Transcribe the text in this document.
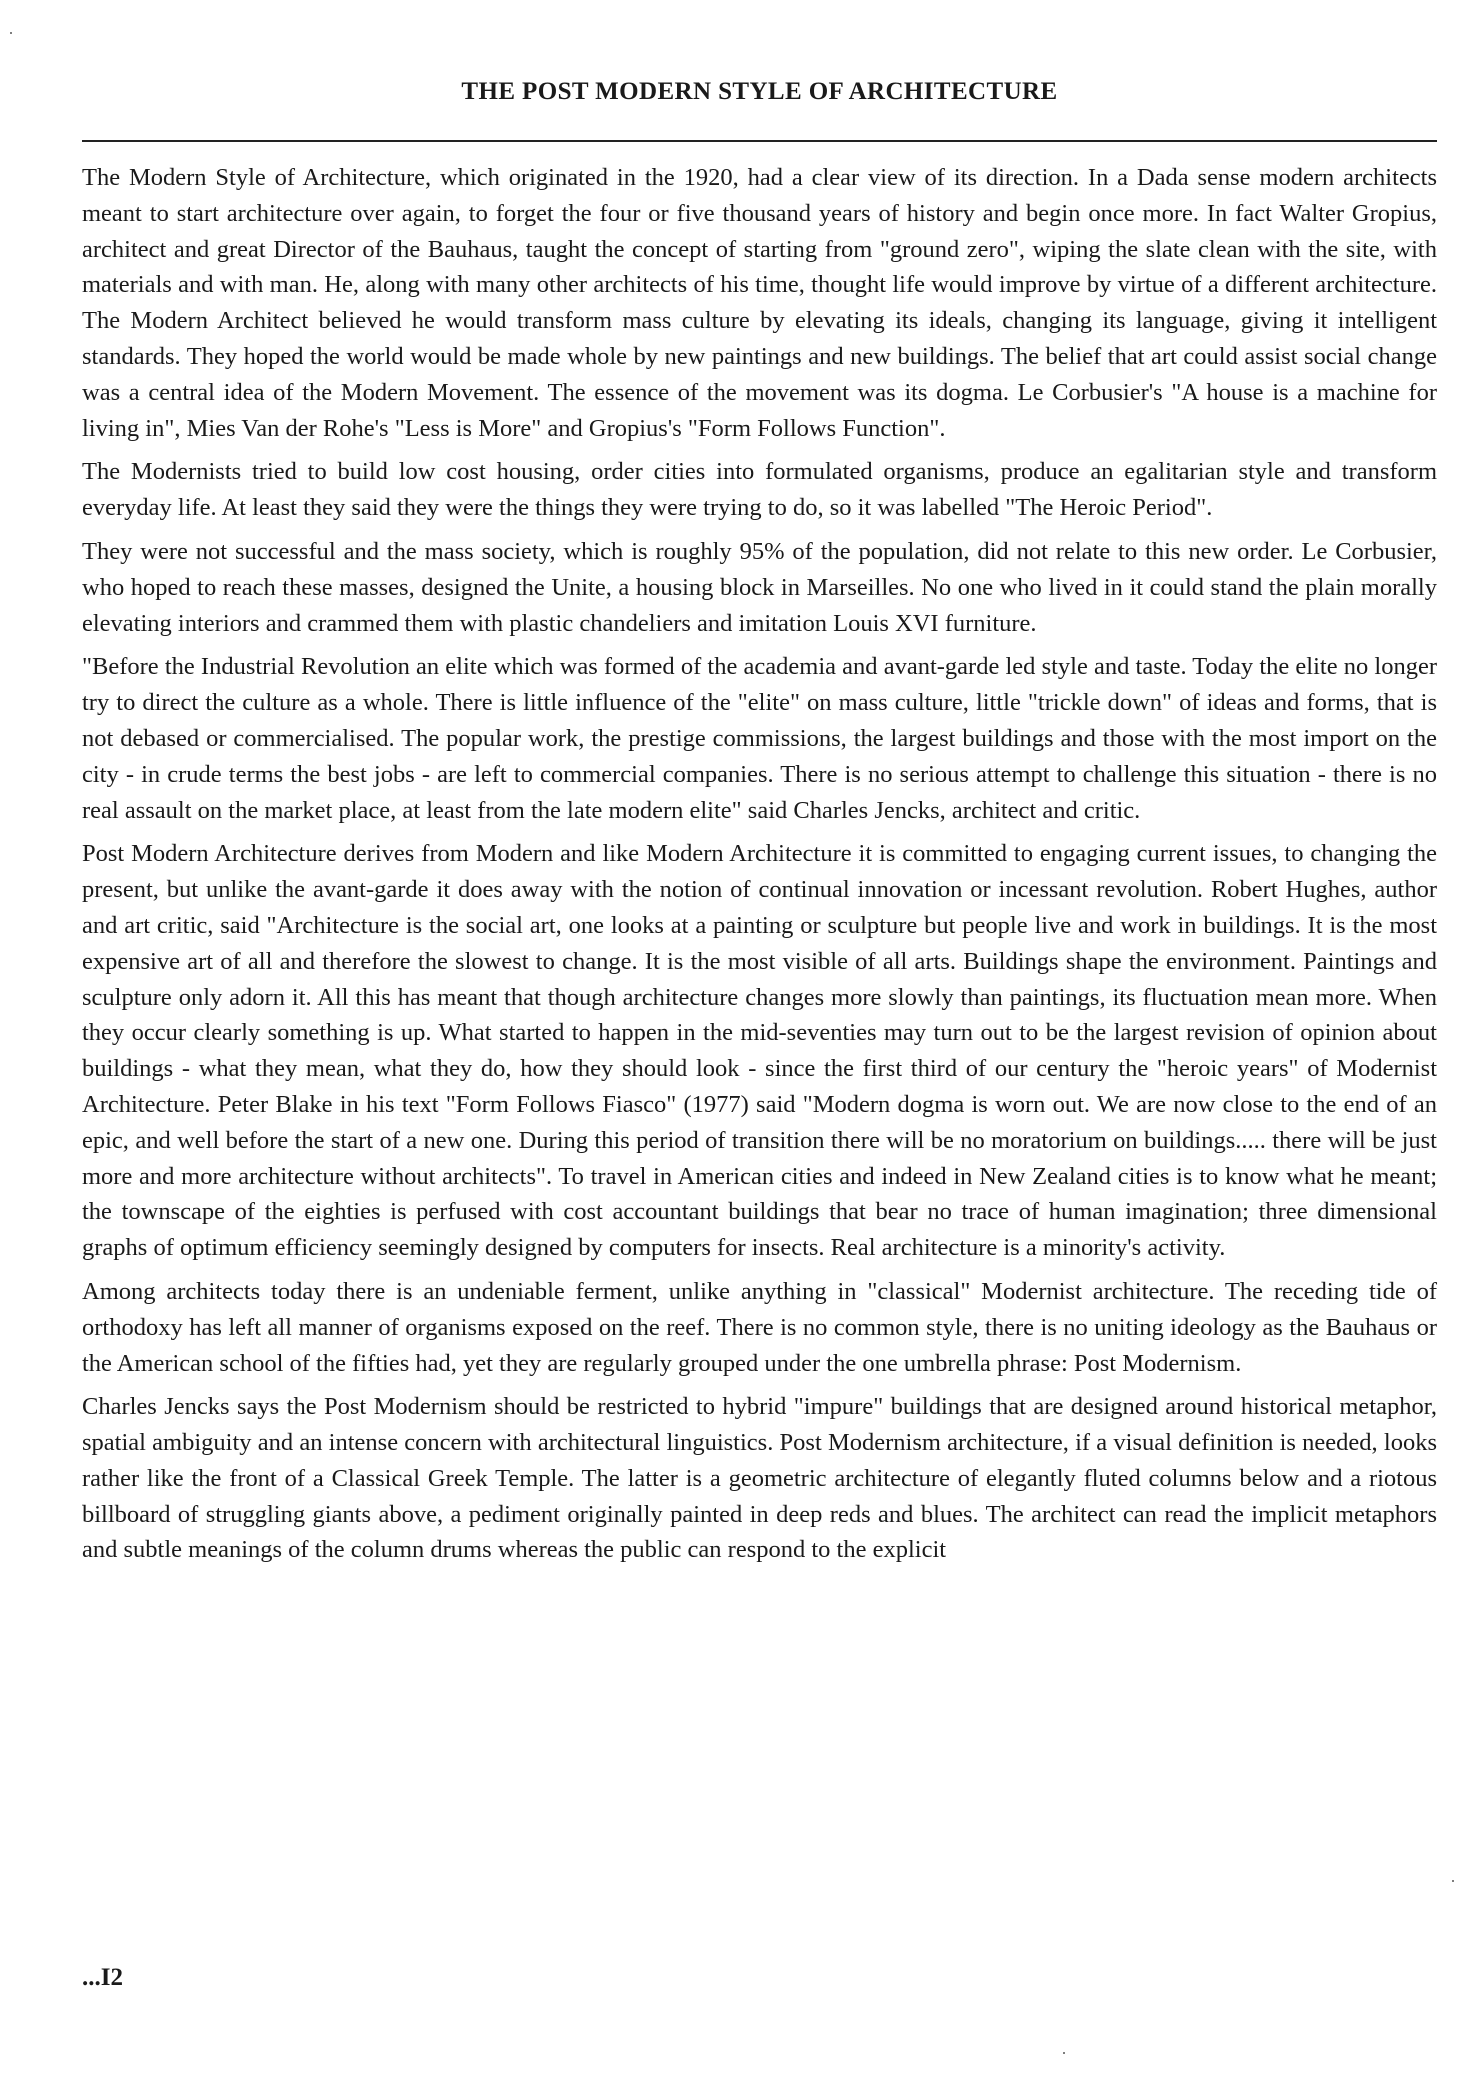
THE POST MODERN STYLE OF ARCHITECTURE

The Modern Style of Architecture, which originated in the 1920, had a clear view of its direction. In a Dada sense modern architects meant to start architecture over again, to forget the four or five thousand years of history and begin once more. In fact Walter Gropius, architect and great Director of the Bauhaus, taught the concept of starting from "ground zero", wiping the slate clean with the site, with materials and with man. He, along with many other architects of his time, thought life would improve by virtue of a different architecture. The Modern Architect believed he would transform mass culture by elevating its ideals, changing its language, giving it intelligent standards. They hoped the world would be made whole by new paintings and new buildings. The belief that art could assist social change was a central idea of the Modern Movement. The essence of the movement was its dogma. Le Corbusier's "A house is a machine for living in", Mies Van der Rohe's "Less is More" and Gropius's "Form Follows Function".

The Modernists tried to build low cost housing, order cities into formulated organisms, produce an egalitarian style and transform everyday life. At least they said they were the things they were trying to do, so it was labelled "The Heroic Period".

They were not successful and the mass society, which is roughly 95% of the population, did not relate to this new order. Le Corbusier, who hoped to reach these masses, designed the Unite, a housing block in Marseilles. No one who lived in it could stand the plain morally elevating interiors and crammed them with plastic chandeliers and imitation Louis XVI furniture.

"Before the Industrial Revolution an elite which was formed of the academia and avant-garde led style and taste. Today the elite no longer try to direct the culture as a whole. There is little influence of the "elite" on mass culture, little "trickle down" of ideas and forms, that is not debased or commercialised. The popular work, the prestige commissions, the largest buildings and those with the most import on the city - in crude terms the best jobs - are left to commercial companies. There is no serious attempt to challenge this situation - there is no real assault on the market place, at least from the late modern elite" said Charles Jencks, architect and critic.

Post Modern Architecture derives from Modern and like Modern Architecture it is committed to engaging current issues, to changing the present, but unlike the avant-garde it does away with the notion of continual innovation or incessant revolution. Robert Hughes, author and art critic, said "Architecture is the social art, one looks at a painting or sculpture but people live and work in buildings. It is the most expensive art of all and therefore the slowest to change. It is the most visible of all arts. Buildings shape the environment. Paintings and sculpture only adorn it. All this has meant that though architecture changes more slowly than paintings, its fluctuation mean more. When they occur clearly something is up. What started to happen in the mid-seventies may turn out to be the largest revision of opinion about buildings - what they mean, what they do, how they should look - since the first third of our century the "heroic years" of Modernist Architecture. Peter Blake in his text "Form Follows Fiasco" (1977) said "Modern dogma is worn out. We are now close to the end of an epic, and well before the start of a new one. During this period of transition there will be no moratorium on buildings..... there will be just more and more architecture without architects". To travel in American cities and indeed in New Zealand cities is to know what he meant; the townscape of the eighties is perfused with cost accountant buildings that bear no trace of human imagination; three dimensional graphs of optimum efficiency seemingly designed by computers for insects. Real architecture is a minority's activity.

Among architects today there is an undeniable ferment, unlike anything in "classical" Modernist architecture. The receding tide of orthodoxy has left all manner of organisms exposed on the reef. There is no common style, there is no uniting ideology as the Bauhaus or the American school of the fifties had, yet they are regularly grouped under the one umbrella phrase: Post Modernism.

Charles Jencks says the Post Modernism should be restricted to hybrid "impure" buildings that are designed around historical metaphor, spatial ambiguity and an intense concern with architectural linguistics. Post Modernism architecture, if a visual definition is needed, looks rather like the front of a Classical Greek Temple. The latter is a geometric architecture of elegantly fluted columns below and a riotous billboard of struggling giants above, a pediment originally painted in deep reds and blues. The architect can read the implicit metaphors and subtle meanings of the column drums whereas the public can respond to the explicit

...I2
